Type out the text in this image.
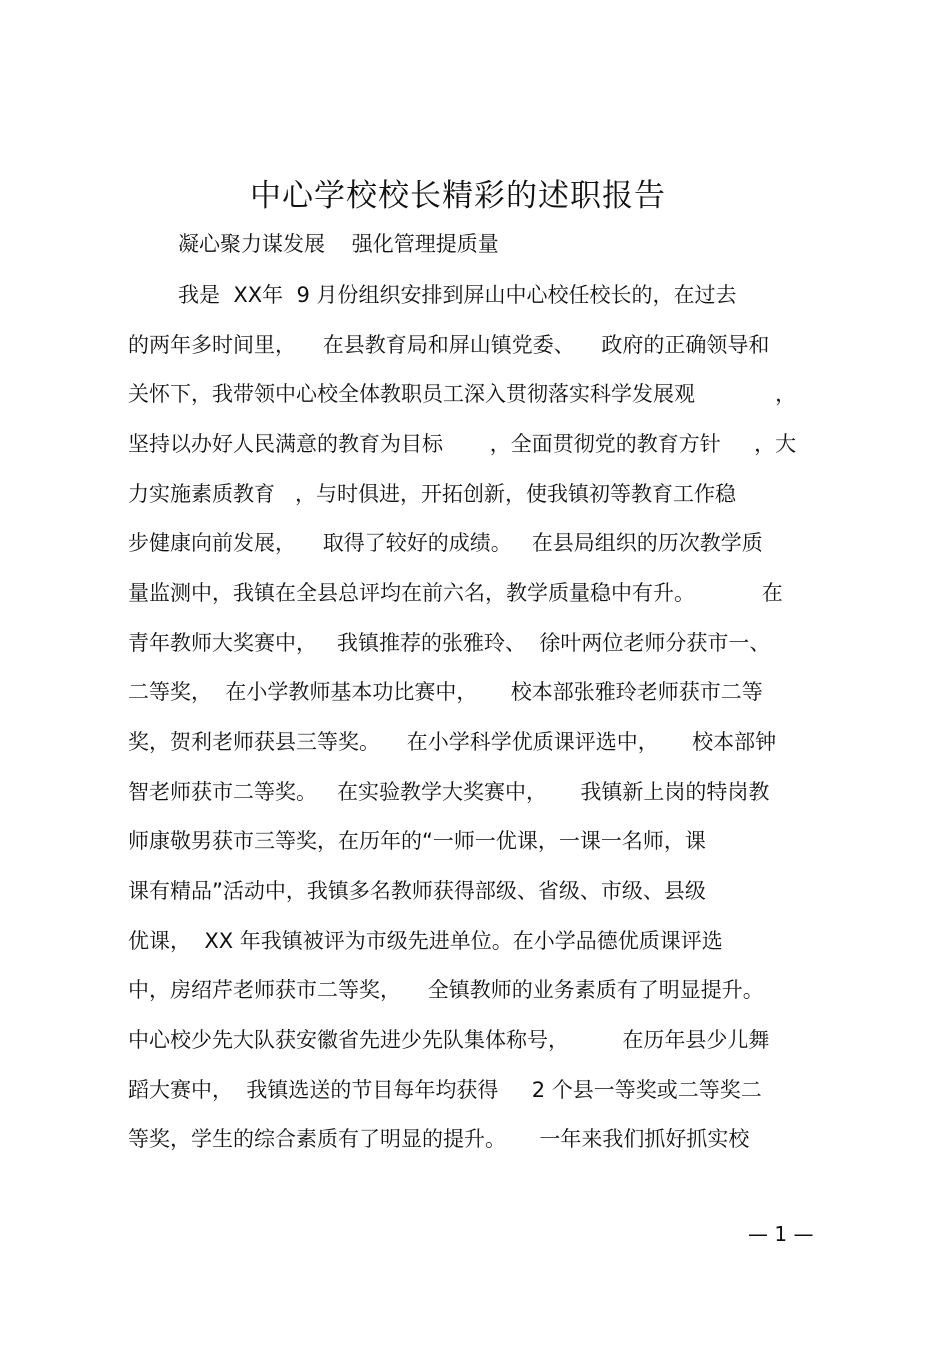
中心学校校长精彩的述职报告
凝心聚力谋发展    强化管理提质量
我是  XX年  9 月份组织安排到屏山中心校任校长的，在过去
的两年多时间里，    在县教育局和屏山镇党委、    政府的正确领导和
关怀下，我带领中心校全体教职员工深入贯彻落实科学发展观            ，
坚持以办好人民满意的教育为目标       ，全面贯彻党的教育方针     ，大
力实施素质教育   ，与时俱进，开拓创新，使我镇初等教育工作稳
步健康向前发展，    取得了较好的成绩。   在县局组织的历次教学质
量监测中，我镇在全县总评均在前六名，教学质量稳中有升。          在
青年教师大奖赛中，   我镇推荐的张雅玲、  徐叶两位老师分获市一、
二等奖，  在小学教师基本功比赛中，     校本部张雅玲老师获市二等
奖，贺利老师获县三等奖。    在小学科学优质课评选中，     校本部钟
智老师获市二等奖。   在实验教学大奖赛中，     我镇新上岗的特岗教
师康敬男获市三等奖，在历年的“一师一优课，一课一名师，课
课有精品”活动中，我镇多名教师获得部级、省级、市级、县级
优课，  XX 年我镇被评为市级先进单位。在小学品德优质课评选
中，房绍芹老师获市二等奖，    全镇教师的业务素质有了明显提升。
中心校少先大队获安徽省先进少先队集体称号，        在历年县少儿舞
蹈大赛中，  我镇选送的节目每年均获得     2 个县一等奖或二等奖二
等奖，学生的综合素质有了明显的提升。     一年来我们抓好抓实校
— 1 —
